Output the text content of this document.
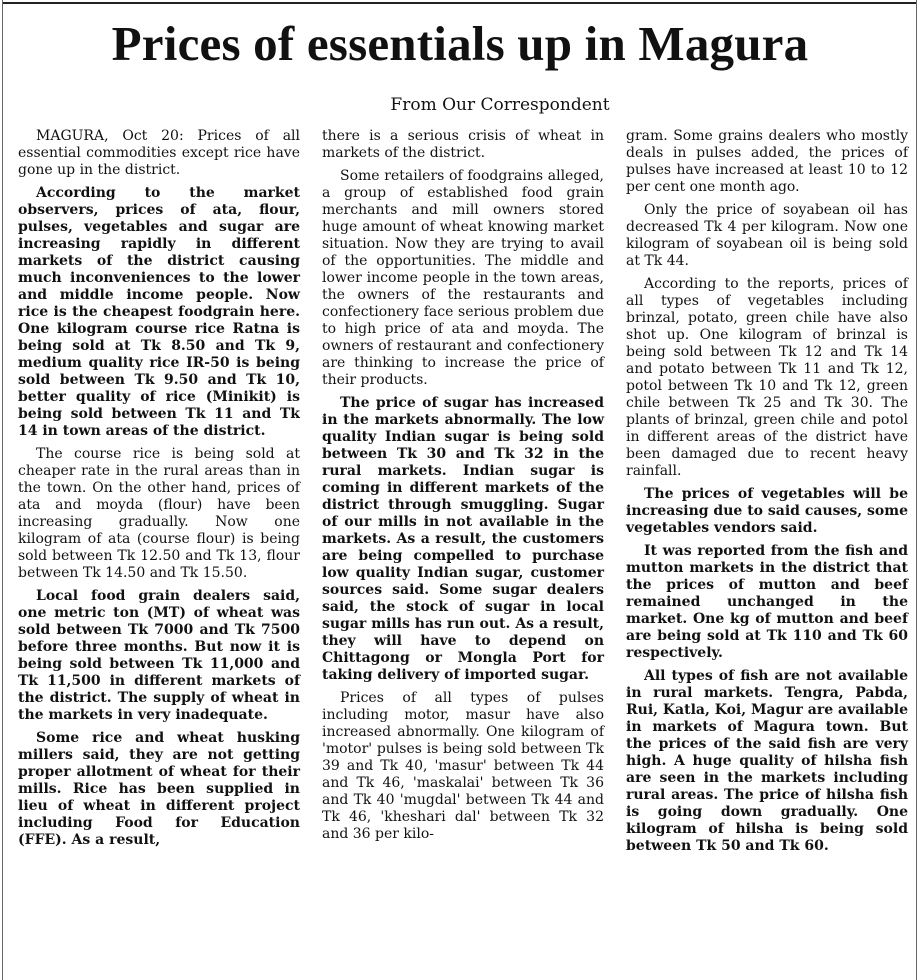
Prices of essentials up in Magura
From Our Correspondent

MAGURA, Oct 20: Prices of all essential commodities except rice have gone up in the district.

According to the market observers, prices of ata, flour, pulses, vegetables and sugar are increasing rapidly in different markets of the district causing much inconveniences to the lower and middle income people. Now rice is the cheapest foodgrain here. One kilogram course rice Ratna is being sold at Tk 8.50 and Tk 9, medium quality rice IR-50 is being sold between Tk 9.50 and Tk 10, better quality of rice (Minikit) is being sold between Tk 11 and Tk 14 in town areas of the district.

The course rice is being sold at cheaper rate in the rural areas than in the town. On the other hand, prices of ata and moyda (flour) have been increasing gradually. Now one kilogram of ata (course flour) is being sold between Tk 12.50 and Tk 13, flour between Tk 14.50 and Tk 15.50.

Local food grain dealers said, one metric ton (MT) of wheat was sold between Tk 7000 and Tk 7500 before three months. But now it is being sold between Tk 11,000 and Tk 11,500 in different markets of the district. The supply of wheat in the markets in very inadequate.

Some rice and wheat husking millers said, they are not getting proper allotment of wheat for their mills. Rice has been supplied in lieu of wheat in different project including Food for Education (FFE). As a result,

there is a serious crisis of wheat in markets of the district.

Some retailers of foodgrains alleged, a group of established food grain merchants and mill owners stored huge amount of wheat knowing market situation. Now they are trying to avail of the opportunities. The middle and lower income people in the town areas, the owners of the restaurants and confectionery face serious problem due to high price of ata and moyda. The owners of restaurant and confectionery are thinking to increase the price of their products.

The price of sugar has increased in the markets abnormally. The low quality Indian sugar is being sold between Tk 30 and Tk 32 in the rural markets. Indian sugar is coming in different markets of the district through smuggling. Sugar of our mills in not available in the markets. As a result, the customers are being compelled to purchase low quality Indian sugar, customer sources said. Some sugar dealers said, the stock of sugar in local sugar mills has run out. As a result, they will have to depend on Chittagong or Mongla Port for taking delivery of imported sugar.

Prices of all types of pulses including motor, masur have also increased abnormally. One kilogram of 'motor' pulses is being sold between Tk 39 and Tk 40, 'masur' between Tk 44 and Tk 46, 'maskalai' between Tk 36 and Tk 40 'mugdal' between Tk 44 and Tk 46, 'kheshari dal' between Tk 32 and 36 per kilo-

gram. Some grains dealers who mostly deals in pulses added, the prices of pulses have increased at least 10 to 12 per cent one month ago.

Only the price of soyabean oil has decreased Tk 4 per kilogram. Now one kilogram of soyabean oil is being sold at Tk 44.

According to the reports, prices of all types of vegetables including brinzal, potato, green chile have also shot up. One kilogram of brinzal is being sold between Tk 12 and Tk 14 and potato between Tk 11 and Tk 12, potol between Tk 10 and Tk 12, green chile between Tk 25 and Tk 30. The plants of brinzal, green chile and potol in different areas of the district have been damaged due to recent heavy rainfall.

The prices of vegetables will be increasing due to said causes, some vegetables vendors said.

It was reported from the fish and mutton markets in the district that the prices of mutton and beef remained unchanged in the market. One kg of mutton and beef are being sold at Tk 110 and Tk 60 respectively.

All types of fish are not available in rural markets. Tengra, Pabda, Rui, Katla, Koi, Magur are available in markets of Magura town. But the prices of the said fish are very high. A huge quality of hilsha fish are seen in the markets including rural areas. The price of hilsha fish is going down gradually. One kilogram of hilsha is being sold between Tk 50 and Tk 60.
